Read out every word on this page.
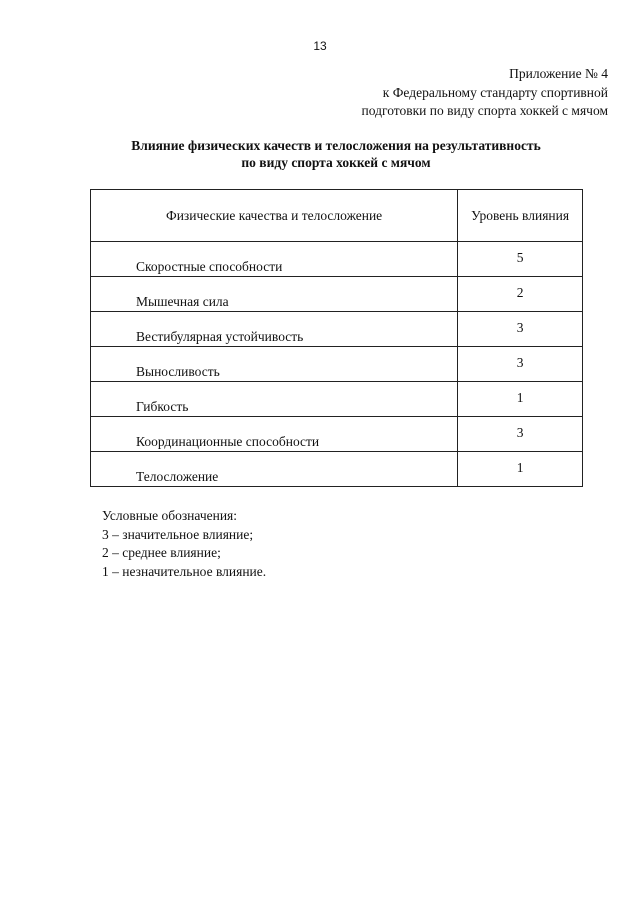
13
Приложение № 4
к Федеральному стандарту спортивной
подготовки по виду спорта хоккей с мячом
Влияние физических качеств и телосложения на результативность
по виду спорта хоккей с мячом
Физические качества и телосложение	Уровень влияния

Скоростные способности	5

Мышечная сила	2

Вестибулярная устойчивость	3

Выносливость	3

Гибкость	1

Координационные способности	3

Телосложение	1
Условные обозначения:
3 – значительное влияние;
2 – среднее влияние;
1 – незначительное влияние.
